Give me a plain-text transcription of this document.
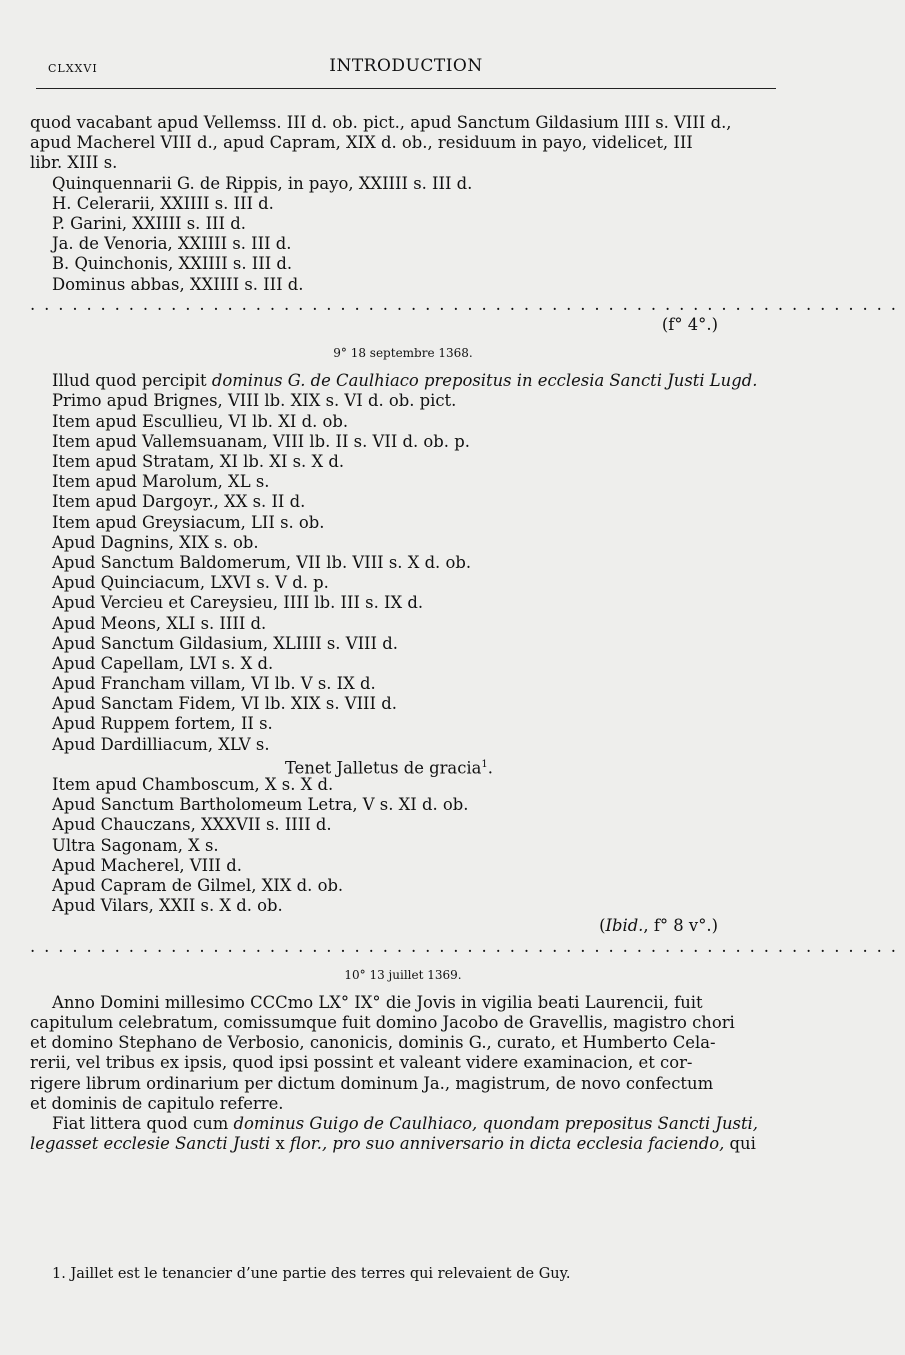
CLXXVI	INTRODUCTION
quod vacabant apud Vellemss. III d. ob. pict., apud Sanctum Gildasium IIII s. VIII d.,
apud Macherel VIII d., apud Capram, XIX d. ob., residuum in payo, videlicet, III
libr. XIII s.
Quinquennarii G. de Rippis, in payo, XXIIII s. III d.
H. Celerarii, XXIIII s. III d.
P. Garini, XXIIII s. III d.
Ja. de Venoria, XXIIII s. III d.
B. Quinchonis, XXIIII s. III d.
Dominus abbas, XXIIII s. III d.
..............................................................
(f° 4°.)
9° 18 septembre 1368.
Illud quod percipit dominus G. de Caulhiaco prepositus in ecclesia Sancti Justi Lugd.
Primo apud Brignes, VIII lb. XIX s. VI d. ob. pict.
Item apud Escullieu, VI lb. XI d. ob.
Item apud Vallemsuanam, VIII lb. II s. VII d. ob. p.
Item apud Stratam, XI lb. XI s. X d.
Item apud Marolum, XL s.
Item apud Dargoyr., XX s. II d.
Item apud Greysiacum, LII s. ob.
Apud Dagnins, XIX s. ob.
Apud Sanctum Baldomerum, VII lb. VIII s. X d. ob.
Apud Quinciacum, LXVI s. V d. p.
Apud Vercieu et Careysieu, IIII lb. III s. IX d.
Apud Meons, XLI s. IIII d.
Apud Sanctum Gildasium, XLIIII s. VIII d.
Apud Capellam, LVI s. X d.
Apud Francham villam, VI lb. V s. IX d.
Apud Sanctam Fidem, VI lb. XIX s. VIII d.
Apud Ruppem fortem, II s.
Apud Dardilliacum, XLV s.
Tenet Jalletus de gracia$^1$.
Item apud Chamboscum, X s. X d.
Apud Sanctum Bartholomeum Letra, V s. XI d. ob.
Apud Chauczans, XXXVII s. IIII d.
Ultra Sagonam, X s.
Apud Macherel, VIII d.
Apud Capram de Gilmel, XIX d. ob.
Apud Vilars, XXII s. X d. ob.
(Ibid., f° 8 v°.)
..............................................................
10° 13 juillet 1369.
Anno Domini millesimo CCCmo LX° IX° die Jovis in vigilia beati Laurencii, fuit
capitulum celebratum, comissumque fuit domino Jacobo de Gravellis, magistro chori
et domino Stephano de Verbosio, canonicis, dominis G., curato, et Humberto Cela-
rerii, vel tribus ex ipsis, quod ipsi possint et valeant videre examinacion, et cor-
rigere librum ordinarium per dictum dominum Ja., magistrum, de novo confectum
et dominis de capitulo referre.
Fiat littera quod cum dominus Guigo de Caulhiaco, quondam prepositus Sancti Justi,
legasset ecclesie Sancti Justi x flor., pro suo anniversario in dicta ecclesia faciendo, qui
1. Jaillet est le tenancier d’une partie des terres qui relevaient de Guy.
